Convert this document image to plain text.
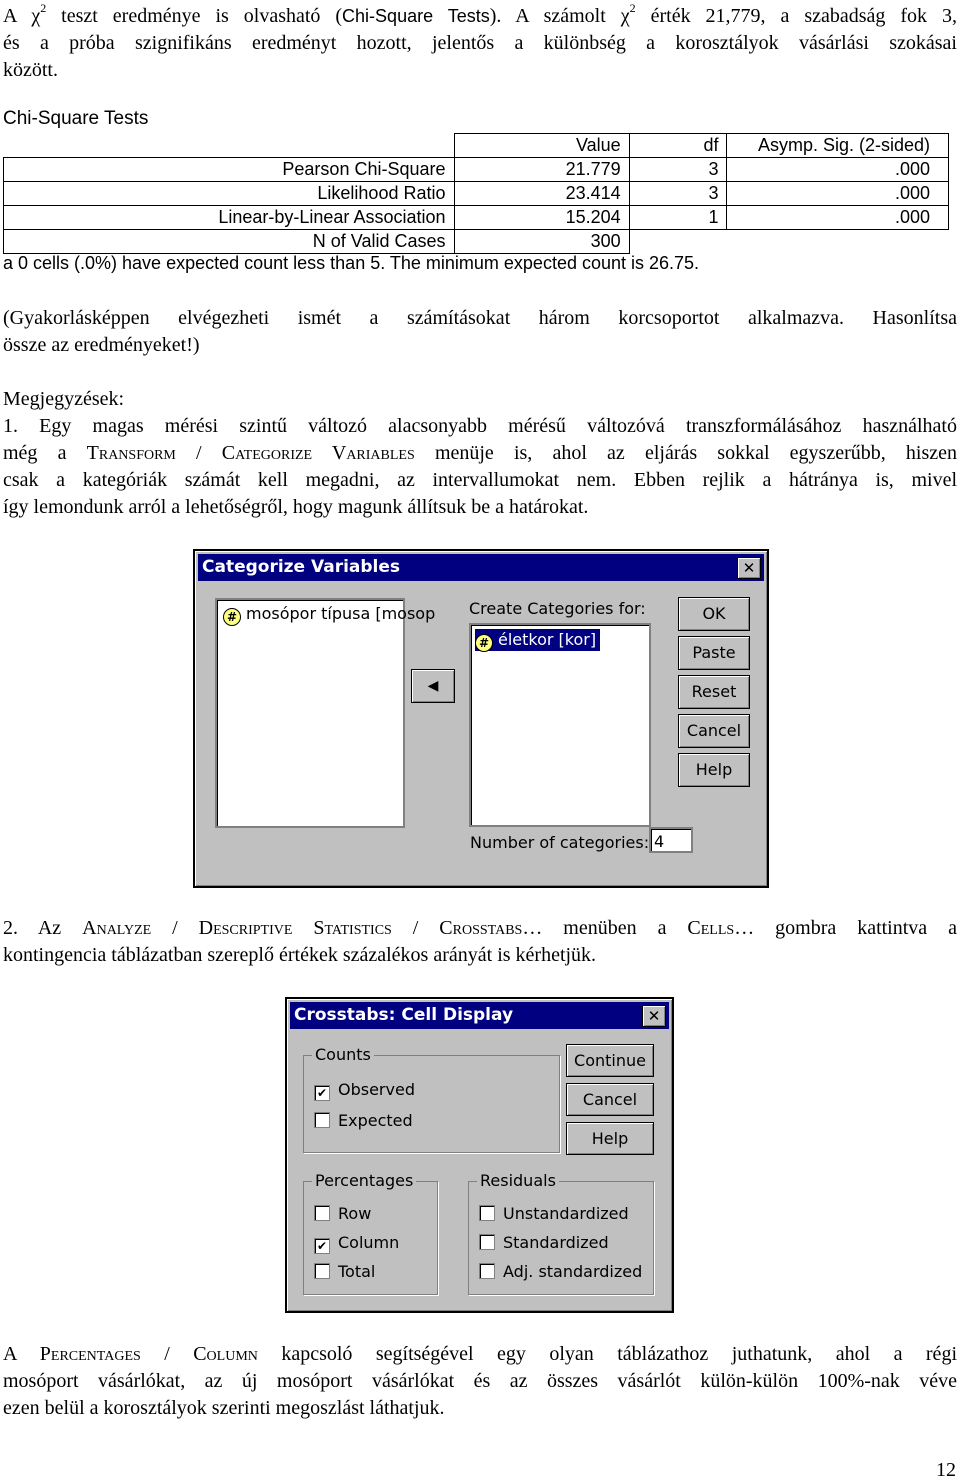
A $\chi^2$ teszt eredménye is olvasható (Chi-Square Tests). A számolt $\chi^2$ érték 21,779, a szabadság fok 3,
és a próba szignifikáns eredményt hozott, jelentős a különbség a korosztályok vásárlási szokásai
között.
Chi-Square Tests
	Value	df	Asymp. Sig. (2-sided)
Pearson Chi-Square	21.779	3	.000
Likelihood Ratio	23.414	3	.000
Linear-by-Linear Association	15.204	1	.000
N of Valid Cases	300		
a 0 cells (.0%) have expected count less than 5. The minimum expected count is 26.75.
(Gyakorlásképpen elvégezheti ismét a számításokat három korcsoportot alkalmazva. Hasonlítsa
össze az eredményeket!)
Megjegyzések:
1. Egy magas mérési szintű változó alacsonyabb mérésű változóvá transzformálásához használható
még a Transform / Categorize Variables menüje is, ahol az eljárás sokkal egyszerűbb, hiszen
csak a kategóriák számát kell megadni, az intervallumokat nem. Ebben rejlik a hátránya is, mivel
így lemondunk arról a lehetőségről, hogy magunk állítsuk be a határokat.
Categorize Variables	✕
# mosópor típusa [mosop
◀
Create Categories for:
# életkor [kor]
OK
Paste
Reset
Cancel
Help
Number of categories: 4
2. Az Analyze / Descriptive Statistics / Crosstabs… menüben a Cells… gombra kattintva a
kontingencia táblázatban szereplő értékek százalékos arányát is kérhetjük.
Crosstabs: Cell Display	✕
Counts
✔ Observed
Expected
Continue
Cancel
Help
Percentages
Row
✔ Column
Total
Residuals
Unstandardized
Standardized
Adj. standardized
A Percentages / Column kapcsoló segítségével egy olyan táblázathoz juthatunk, ahol a régi
mosóport vásárlókat, az új mosóport vásárlókat és az összes vásárlót külön-külön 100%-nak véve
ezen belül a korosztályok szerinti megoszlást láthatjuk.
12
